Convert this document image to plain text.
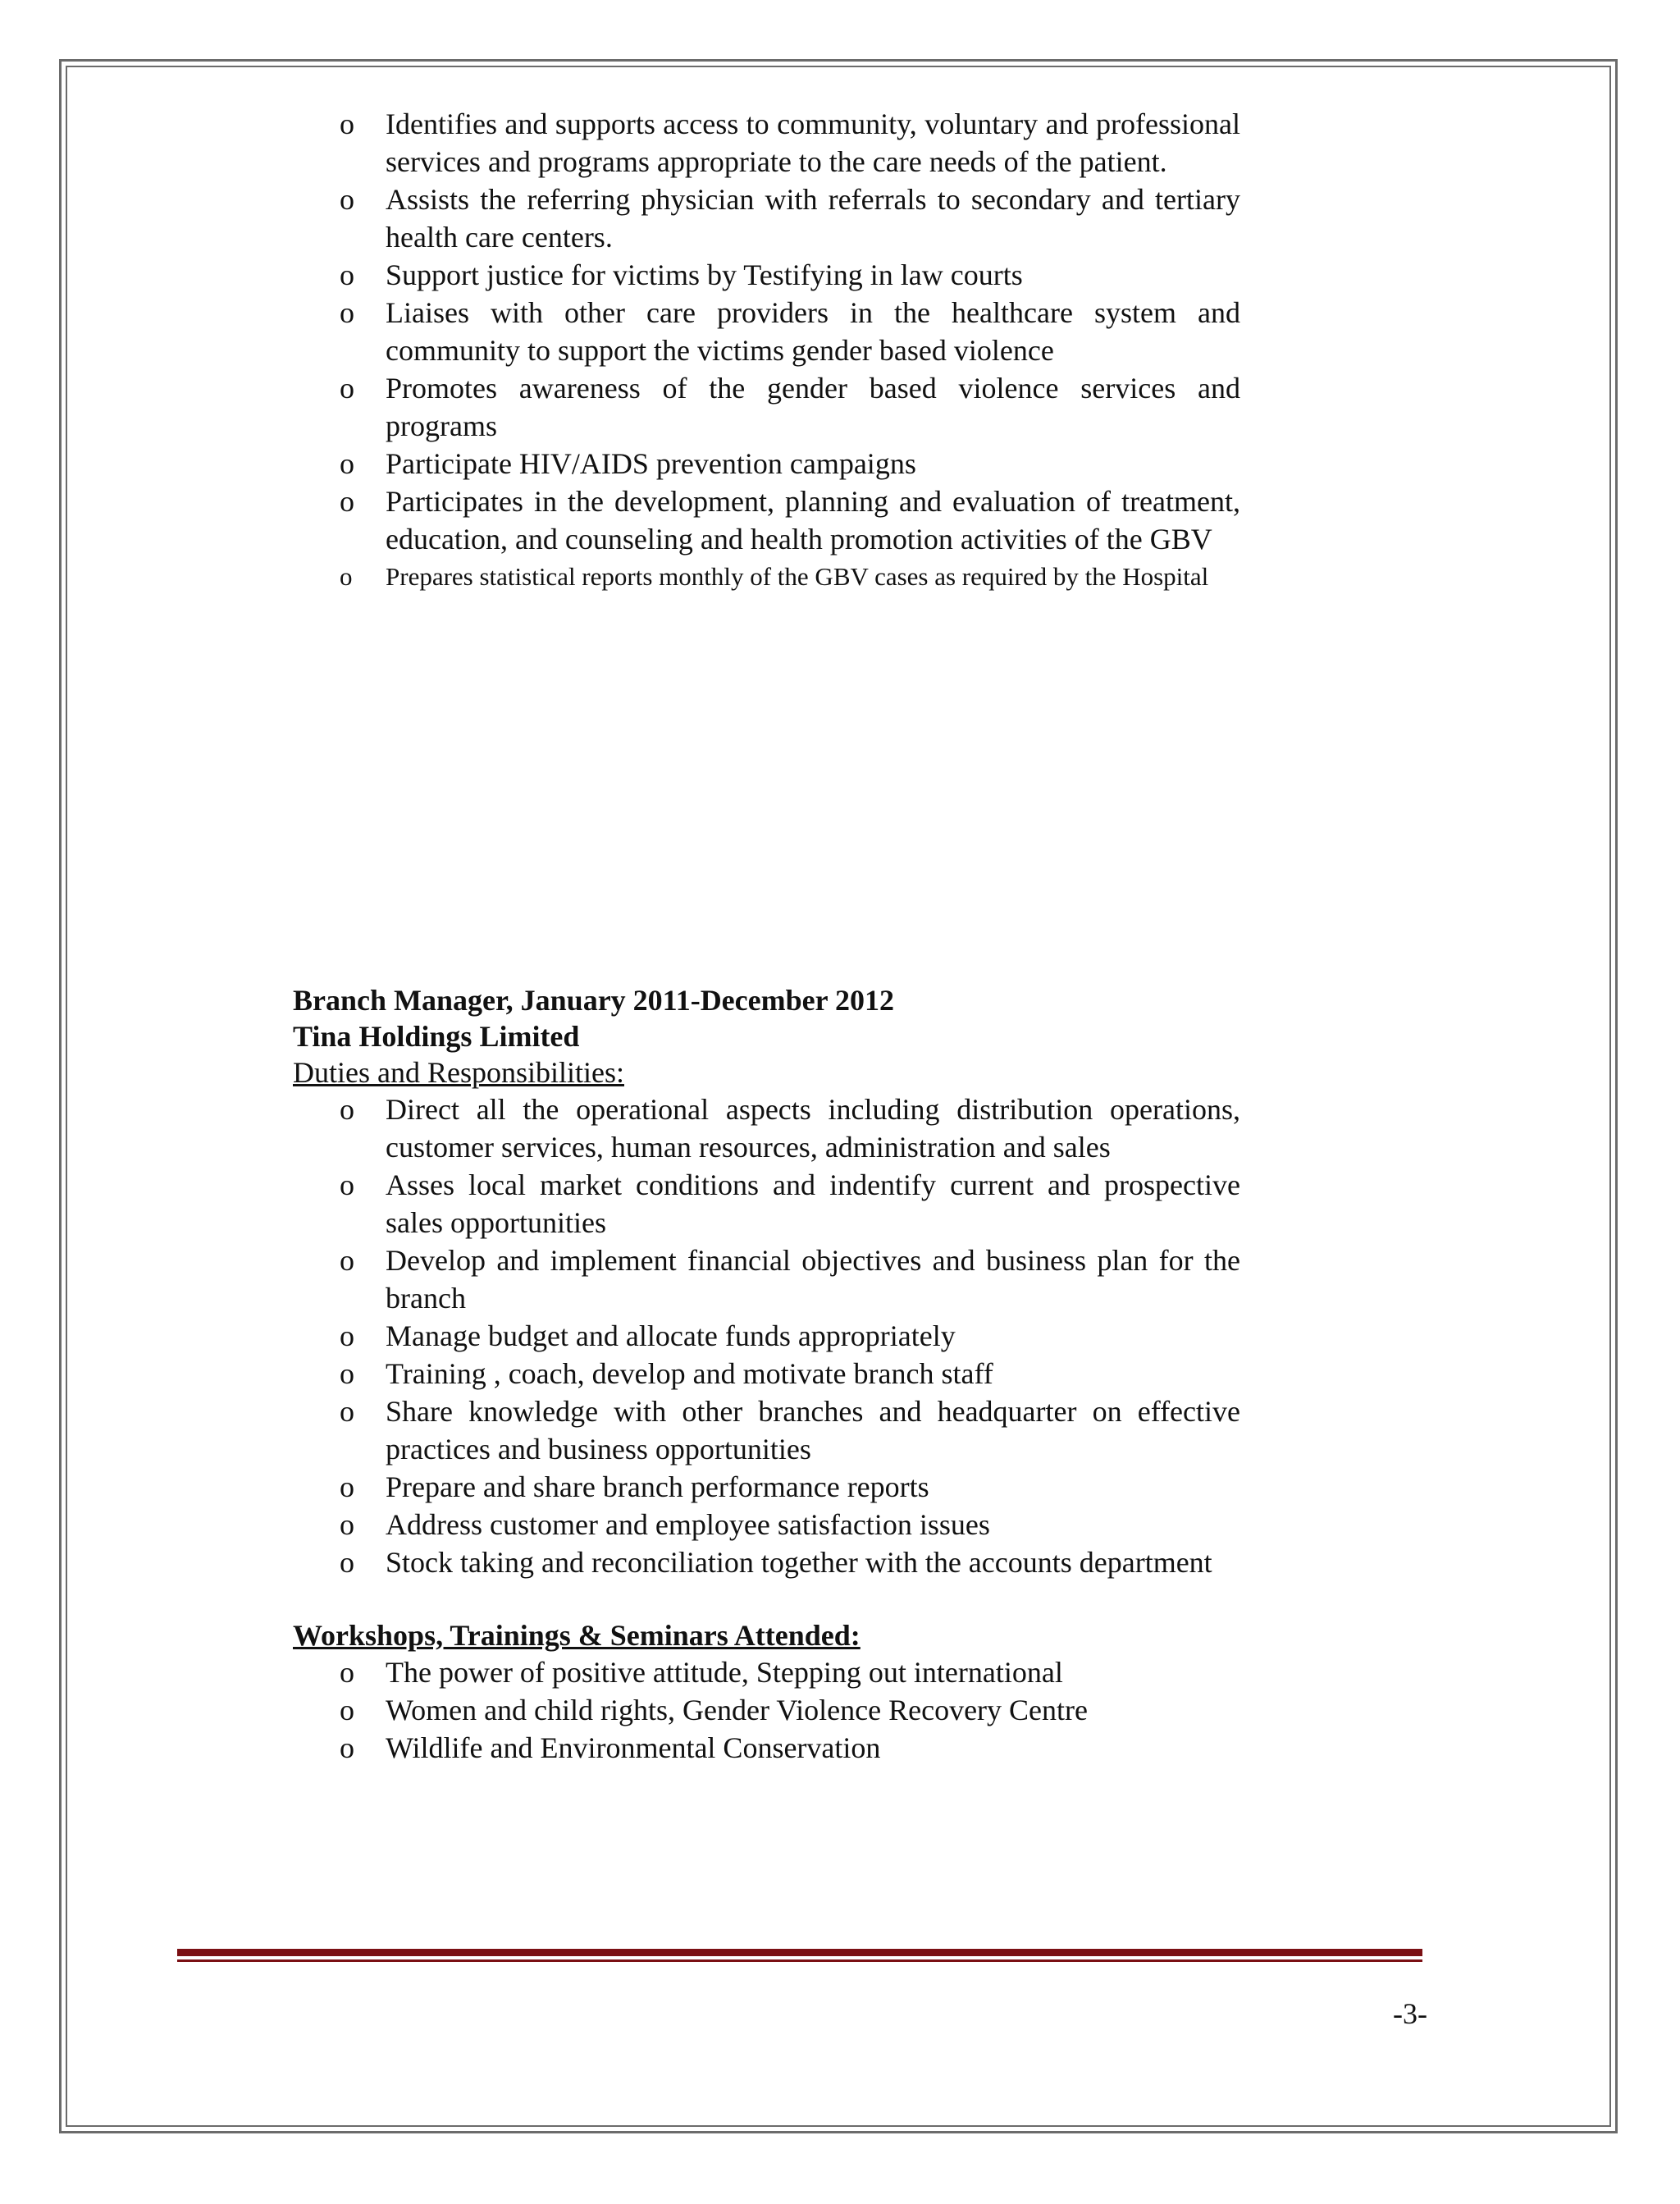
o Identifies and supports access to community, voluntary and professional services and programs appropriate to the care needs of the patient.
o Assists the referring physician with referrals to secondary and tertiary health care centers.
o Support justice for victims by Testifying in law courts
o Liaises with other care providers in the healthcare system and community to support the victims gender based violence
o Promotes awareness of the gender based violence services and programs
o Participate HIV/AIDS prevention campaigns
o Participates in the development, planning and evaluation of treatment, education, and counseling and health promotion activities of the GBV
o Prepares statistical reports monthly of the GBV cases as required by the Hospital
Branch Manager, January 2011-December 2012
Tina Holdings Limited
Duties and Responsibilities:
o Direct all the operational aspects including distribution operations, customer services, human resources, administration and sales
o Asses local market conditions and indentify current and prospective sales opportunities
o Develop and implement financial objectives and business plan for the branch
o Manage budget and allocate funds appropriately
o Training , coach, develop and motivate branch staff
o Share knowledge with other branches and headquarter on effective practices and business opportunities
o Prepare and share branch performance reports
o Address customer and employee satisfaction issues
o Stock taking and reconciliation together with the accounts department
Workshops, Trainings & Seminars Attended:
o The power of positive attitude, Stepping out international
o Women and child rights, Gender Violence Recovery Centre
o Wildlife and Environmental Conservation
-3-
